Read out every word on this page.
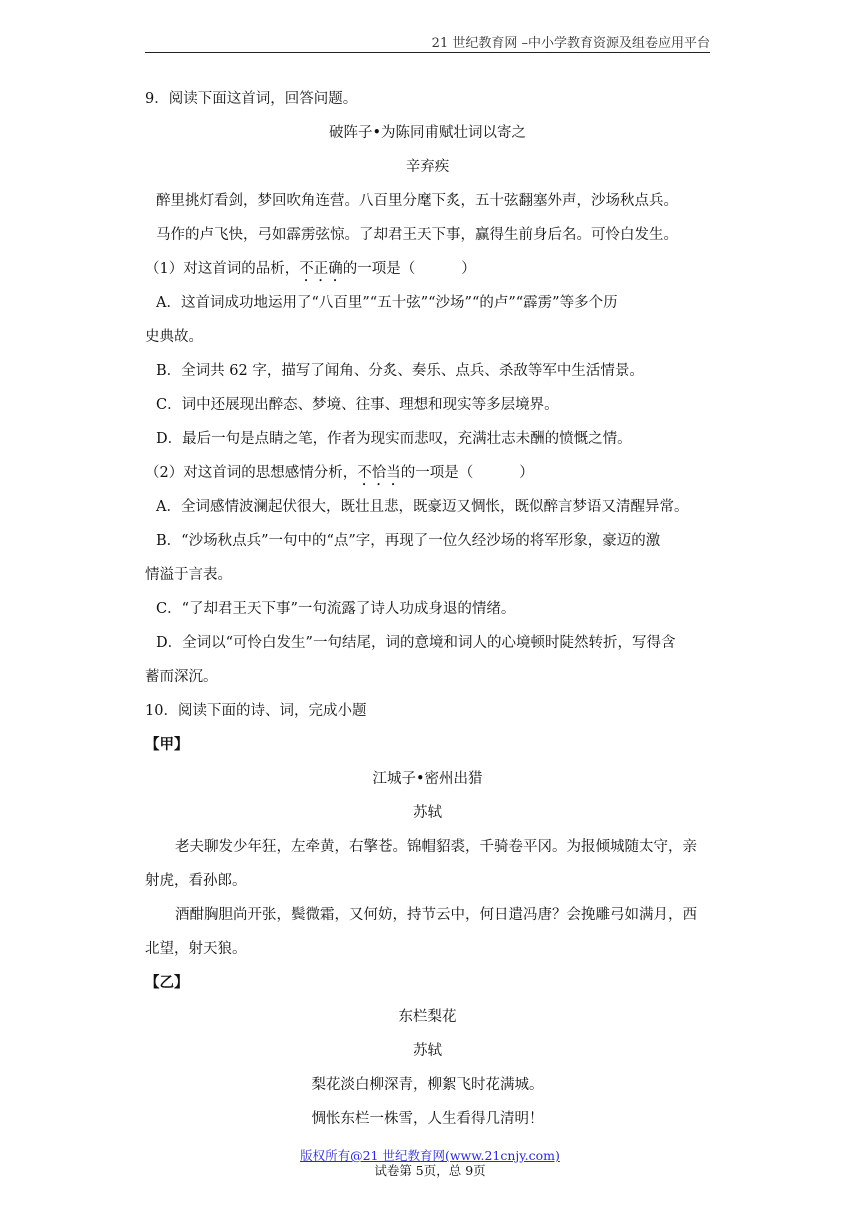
21 世纪教育网 –中小学教育资源及组卷应用平台

9．阅读下面这首词，回答问题。

破阵子•为陈同甫赋壮词以寄之

辛弃疾

醉里挑灯看剑，梦回吹角连营。八百里分麾下炙，五十弦翻塞外声，沙场秋点兵。

马作的卢飞快，弓如霹雳弦惊。了却君王天下事，赢得生前身后名。可怜白发生。

（1）对这首词的品析，不正确的一项是（	）

A．这首词成功地运用了“八百里”“五十弦”“沙场”“的卢”“霹雳”等多个历

史典故。

B．全词共 62 字，描写了闻角、分炙、奏乐、点兵、杀敌等军中生活情景。

C．词中还展现出醉态、梦境、往事、理想和现实等多层境界。

D．最后一句是点睛之笔，作者为现实而悲叹，充满壮志未酬的愤慨之情。

（2）对这首词的思想感情分析，不恰当的一项是（	）

A．全词感情波澜起伏很大，既壮且悲，既豪迈又惆怅，既似醉言梦语又清醒异常。

B．“沙场秋点兵”一句中的“点”字，再现了一位久经沙场的将军形象，豪迈的激

情溢于言表。

C．“了却君王天下事”一句流露了诗人功成身退的情绪。

D．全词以“可怜白发生”一句结尾，词的意境和词人的心境顿时陡然转折，写得含

蓄而深沉。

10．阅读下面的诗、词，完成小题

【甲】

江城子•密州出猎

苏轼

老夫聊发少年狂，左牵黄，右擎苍。锦帽貂裘，千骑卷平冈。为报倾城随太守，亲

射虎，看孙郎。

酒酣胸胆尚开张，鬓微霜，又何妨，持节云中，何日遣冯唐？会挽雕弓如满月，西

北望，射天狼。

【乙】

东栏梨花

苏轼

梨花淡白柳深青，柳絮飞时花满城。

惆怅东栏一株雪，人生看得几清明！

版权所有@21 世纪教育网(www.21cnjy.com)
试卷第 5页，总 9页
